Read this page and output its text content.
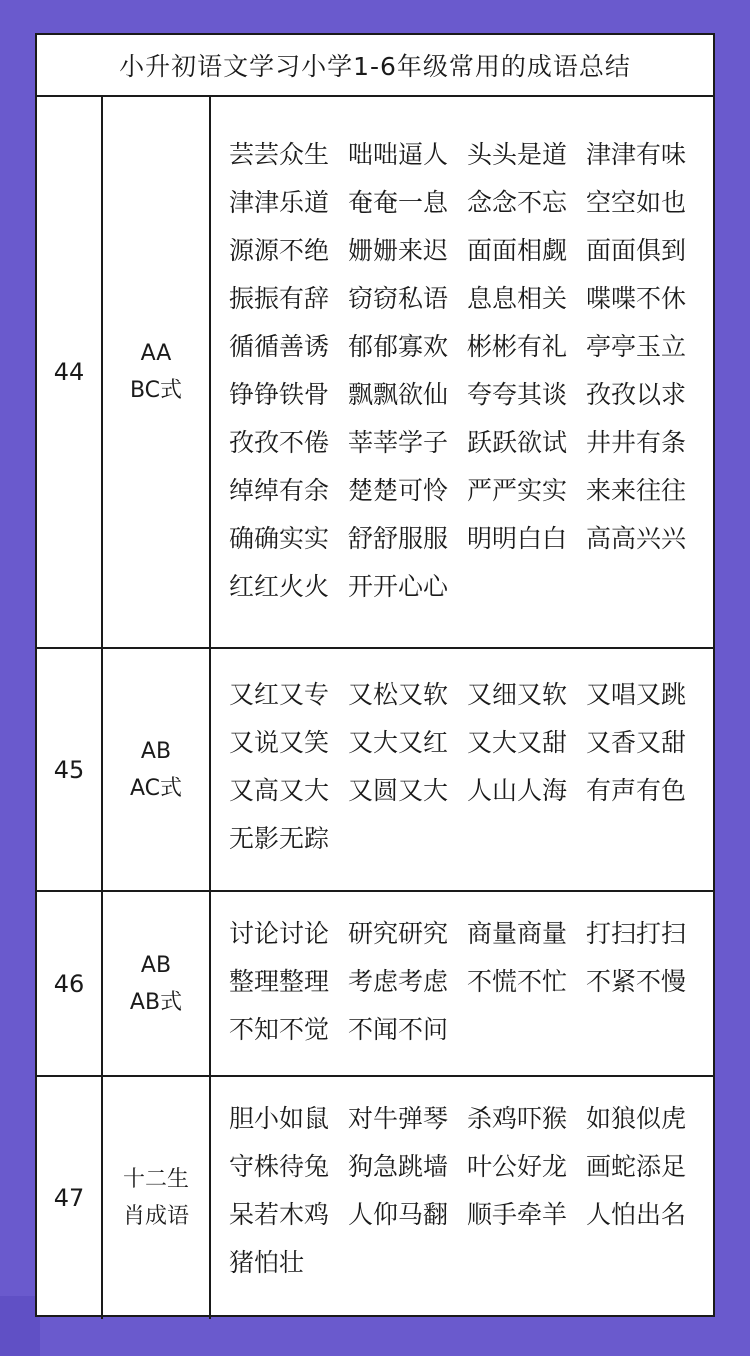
小升初语文学习小学1-6年级常用的成语总结
44
AA
BC式
芸芸众生 咄咄逼人 头头是道 津津有味
津津乐道 奄奄一息 念念不忘 空空如也
源源不绝 姗姗来迟 面面相觑 面面俱到
振振有辞 窃窃私语 息息相关 喋喋不休
循循善诱 郁郁寡欢 彬彬有礼 亭亭玉立
铮铮铁骨 飘飘欲仙 夸夸其谈 孜孜以求
孜孜不倦 莘莘学子 跃跃欲试 井井有条
绰绰有余 楚楚可怜 严严实实 来来往往
确确实实 舒舒服服 明明白白 高高兴兴
红红火火 开开心心
45
AB
AC式
又红又专 又松又软 又细又软 又唱又跳
又说又笑 又大又红 又大又甜 又香又甜
又高又大 又圆又大 人山人海 有声有色
无影无踪
46
AB
AB式
讨论讨论 研究研究 商量商量 打扫打扫
整理整理 考虑考虑 不慌不忙 不紧不慢
不知不觉 不闻不问
47
十二生
肖成语
胆小如鼠 对牛弹琴 杀鸡吓猴 如狼似虎
守株待兔 狗急跳墙 叶公好龙 画蛇添足
呆若木鸡 人仰马翻 顺手牵羊 人怕出名
猪怕壮
